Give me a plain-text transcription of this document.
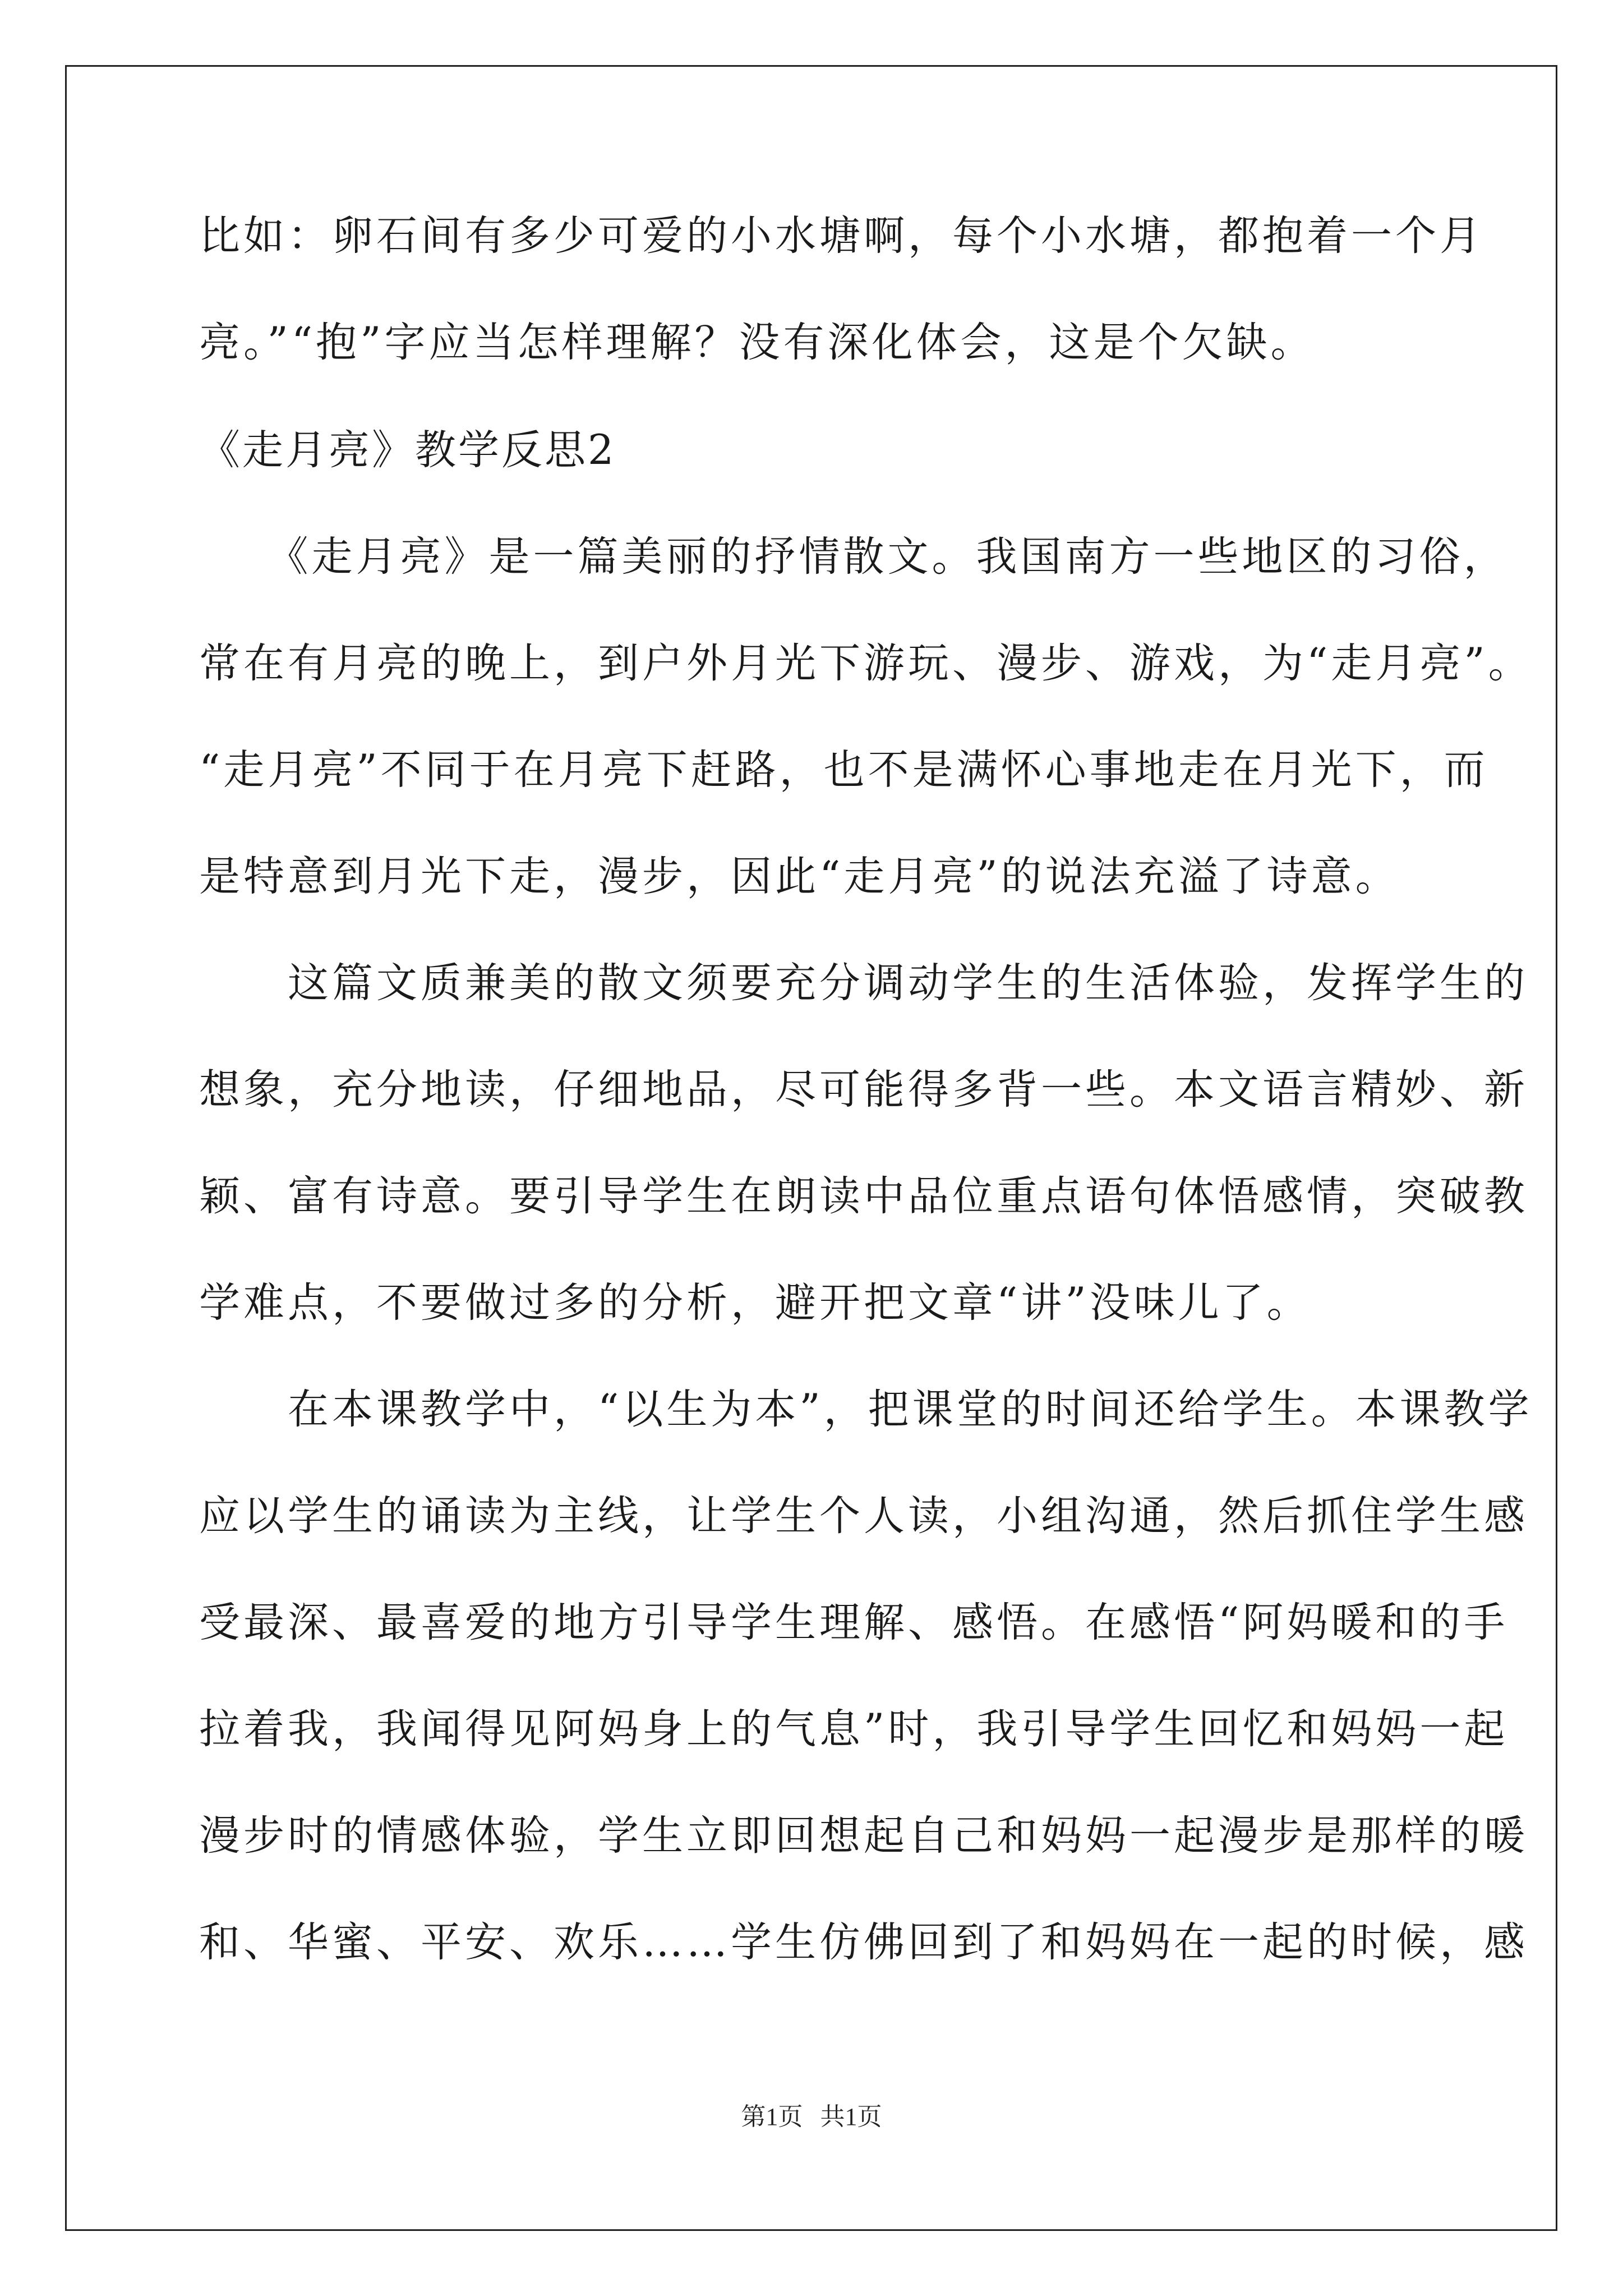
比如：卵石间有多少可爱的小水塘啊，每个小水塘，都抱着一个月
亮。”“抱”字应当怎样理解？没有深化体会，这是个欠缺。
《走月亮》教学反思2
　　《走月亮》是一篇美丽的抒情散文。我国南方一些地区的习俗，
常在有月亮的晚上，到户外月光下游玩、漫步、游戏，为“走月亮”。
“走月亮”不同于在月亮下赶路，也不是满怀心事地走在月光下，而
是特意到月光下走，漫步，因此“走月亮”的说法充溢了诗意。
　　这篇文质兼美的散文须要充分调动学生的生活体验，发挥学生的
想象，充分地读，仔细地品，尽可能得多背一些。本文语言精妙、新
颖、富有诗意。要引导学生在朗读中品位重点语句体悟感情，突破教
学难点，不要做过多的分析，避开把文章“讲”没味儿了。
　　在本课教学中，“以生为本”，把课堂的时间还给学生。本课教学
应以学生的诵读为主线，让学生个人读，小组沟通，然后抓住学生感
受最深、最喜爱的地方引导学生理解、感悟。在感悟“阿妈暖和的手
拉着我，我闻得见阿妈身上的气息”时，我引导学生回忆和妈妈一起
漫步时的情感体验，学生立即回想起自己和妈妈一起漫步是那样的暖
和、华蜜、平安、欢乐……学生仿佛回到了和妈妈在一起的时候，感
第1页 共1页
